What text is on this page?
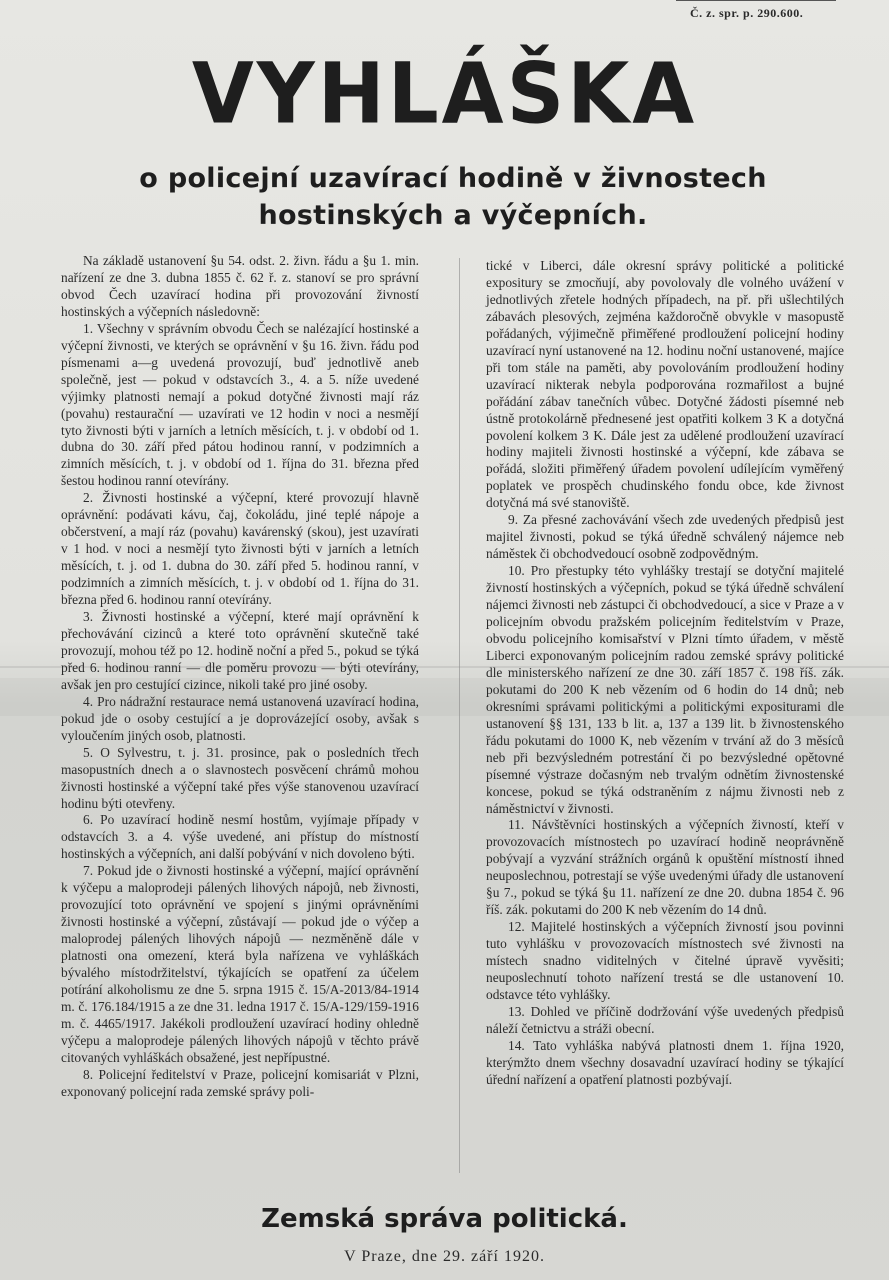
Č. z. spr. p. 290.600.
VYHLÁŠKA
o policejní uzavírací hodině v živnostech
hostinských a výčepních.

Na základě ustanovení §u 54. odst. 2. živn. řádu a §u 1. min. nařízení ze dne 3. dubna 1855 č. 62 ř. z. stanoví se pro správní obvod Čech uzavírací hodina při provozování živností hostinských a výčepních následovně:

1. Všechny v správním obvodu Čech se nalézající hostinské a výčepní živnosti, ve kterých se oprávnění v §u 16. živn. řádu pod písmenami a—g uvedená provozují, buď jednotlivě aneb společně, jest — pokud v odstavcích 3., 4. a 5. níže uvedené výjimky platnosti nemají a pokud dotyčné živnosti mají ráz (povahu) restaurační — uzavírati ve 12 hodin v noci a nesmějí tyto živnosti býti v jarních a letních měsících, t. j. v období od 1. dubna do 30. září před pátou hodinou ranní, v podzimních a zimních měsících, t. j. v období od 1. října do 31. března před šestou hodinou ranní otevírány.

2. Živnosti hostinské a výčepní, které provozují hlavně oprávnění: podávati kávu, čaj, čokoládu, jiné teplé nápoje a občerstvení, a mají ráz (povahu) kavárenský (skou), jest uzavírati v 1 hod. v noci a nesmějí tyto živnosti býti v jarních a letních měsících, t. j. od 1. dubna do 30. září před 5. hodinou ranní, v podzimních a zimních měsících, t. j. v období od 1. října do 31. března před 6. hodinou ranní otevírány.

3. Živnosti hostinské a výčepní, které mají oprávnění k přechovávání cizinců a které toto oprávnění skutečně také provozují, mohou též po 12. hodině noční a před 5., pokud se týká před 6. hodinou ranní — dle poměru provozu — býti otevírány, avšak jen pro cestující cizince, nikoli také pro jiné osoby.

4. Pro nádražní restaurace nemá ustanovená uzavírací hodina, pokud jde o osoby cestující a je doprovázející osoby, avšak s vyloučením jiných osob, platnosti.

5. O Sylvestru, t. j. 31. prosince, pak o posledních třech masopustních dnech a o slavnostech posvěcení chrámů mohou živnosti hostinské a výčepní také přes výše stanovenou uzavírací hodinu býti otevřeny.

6. Po uzavírací hodině nesmí hostům, vyjímaje případy v odstavcích 3. a 4. výše uvedené, ani přístup do místností hostinských a výčepních, ani další pobývání v nich dovoleno býti.

7. Pokud jde o živnosti hostinské a výčepní, mající oprávnění k výčepu a maloprodeji pálených lihových nápojů, neb živnosti, provozující toto oprávnění ve spojení s jinými oprávněními živnosti hostinské a výčepní, zůstávají — pokud jde o výčep a maloprodej pálených lihových nápojů — nezměněně dále v platnosti ona omezení, která byla nařízena ve vyhláškách bývalého místodržitelství, týkajících se opatření za účelem potírání alkoholismu ze dne 5. srpna 1915 č. 15/A-2013/84-1914 m. č. 176.184/1915 a ze dne 31. ledna 1917 č. 15/A-129/159-1916 m. č. 4465/1917. Jakékoli prodloužení uzavírací hodiny ohledně výčepu a maloprodeje pálených lihových nápojů v těchto právě citovaných vyhláškách obsažené, jest nepřípustné.

8. Policejní ředitelství v Praze, policejní komisariát v Plzni, exponovaný policejní rada zemské správy poli-

tické v Liberci, dále okresní správy politické a politické expositury se zmocňují, aby povolovaly dle volného uvážení v jednotlivých zřetele hodných případech, na př. při ušlechtilých zábavách plesových, zejména každoročně obvykle v masopustě pořádaných, výjimečně přiměřené prodloužení policejní hodiny uzavírací nyní ustanovené na 12. hodinu noční ustanovené, majíce při tom stále na paměti, aby povolováním prodloužení hodiny uzavírací nikterak nebyla podporována rozmařilost a bujné pořádání zábav tanečních vůbec. Dotyčné žádosti písemné neb ústně protokolárně přednesené jest opatřiti kolkem 3 K a dotyčná povolení kolkem 3 K. Dále jest za udělené prodloužení uzavírací hodiny majiteli živnosti hostinské a výčepní, kde zábava se pořádá, složiti přiměřený úřadem povolení udílejícím vyměřený poplatek ve prospěch chudinského fondu obce, kde živnost dotyčná má své stanoviště.

9. Za přesné zachovávání všech zde uvedených předpisů jest majitel živnosti, pokud se týká úředně schválený nájemce neb náměstek či obchodvedoucí osobně zodpovědným.

10. Pro přestupky této vyhlášky trestají se dotyční majitelé živností hostinských a výčepních, pokud se týká úředně schválení nájemci živnosti neb zástupci či obchodvedoucí, a sice v Praze a v policejním obvodu pražském policejním ředitelstvím v Praze, obvodu policejního komisařství v Plzni tímto úřadem, v městě Liberci exponovaným policejním radou zemské správy politické dle ministerského nařízení ze dne 30. září 1857 č. 198 říš. zák. pokutami do 200 K neb vězením od 6 hodin do 14 dnů; neb okresními správami politickými a politickými expositurami dle ustanovení §§ 131, 133 b lit. a, 137 a 139 lit. b živnostenského řádu pokutami do 1000 K, neb vězením v trvání až do 3 měsíců neb při bezvýsledném potrestání či po bezvýsledné opětovné písemné výstraze dočasným neb trvalým odnětím živnostenské koncese, pokud se týká odstraněním z nájmu živnosti neb z náměstnictví v živnosti.

11. Návštěvníci hostinských a výčepních živností, kteří v provozovacích místnostech po uzavírací hodině neoprávněně pobývají a vyzvání strážních orgánů k opuštění místností ihned neuposlechnou, potrestají se výše uvedenými úřady dle ustanovení §u 7., pokud se týká §u 11. nařízení ze dne 20. dubna 1854 č. 96 říš. zák. pokutami do 200 K neb vězením do 14 dnů.

12. Majitelé hostinských a výčepních živností jsou povinni tuto vyhlášku v provozovacích místnostech své živnosti na místech snadno viditelných v čitelné úpravě vyvěsiti; neuposlechnutí tohoto nařízení trestá se dle ustanovení 10. odstavce této vyhlášky.

13. Dohled ve příčině dodržování výše uvedených předpisů náleží četnictvu a stráži obecní.

14. Tato vyhláška nabývá platnosti dnem 1. října 1920, kterýmžto dnem všechny dosavadní uzavírací hodiny se týkající úřední nařízení a opatření platnosti pozbývají.

Zemská správa politická.
V Praze, dne 29. září 1920.
